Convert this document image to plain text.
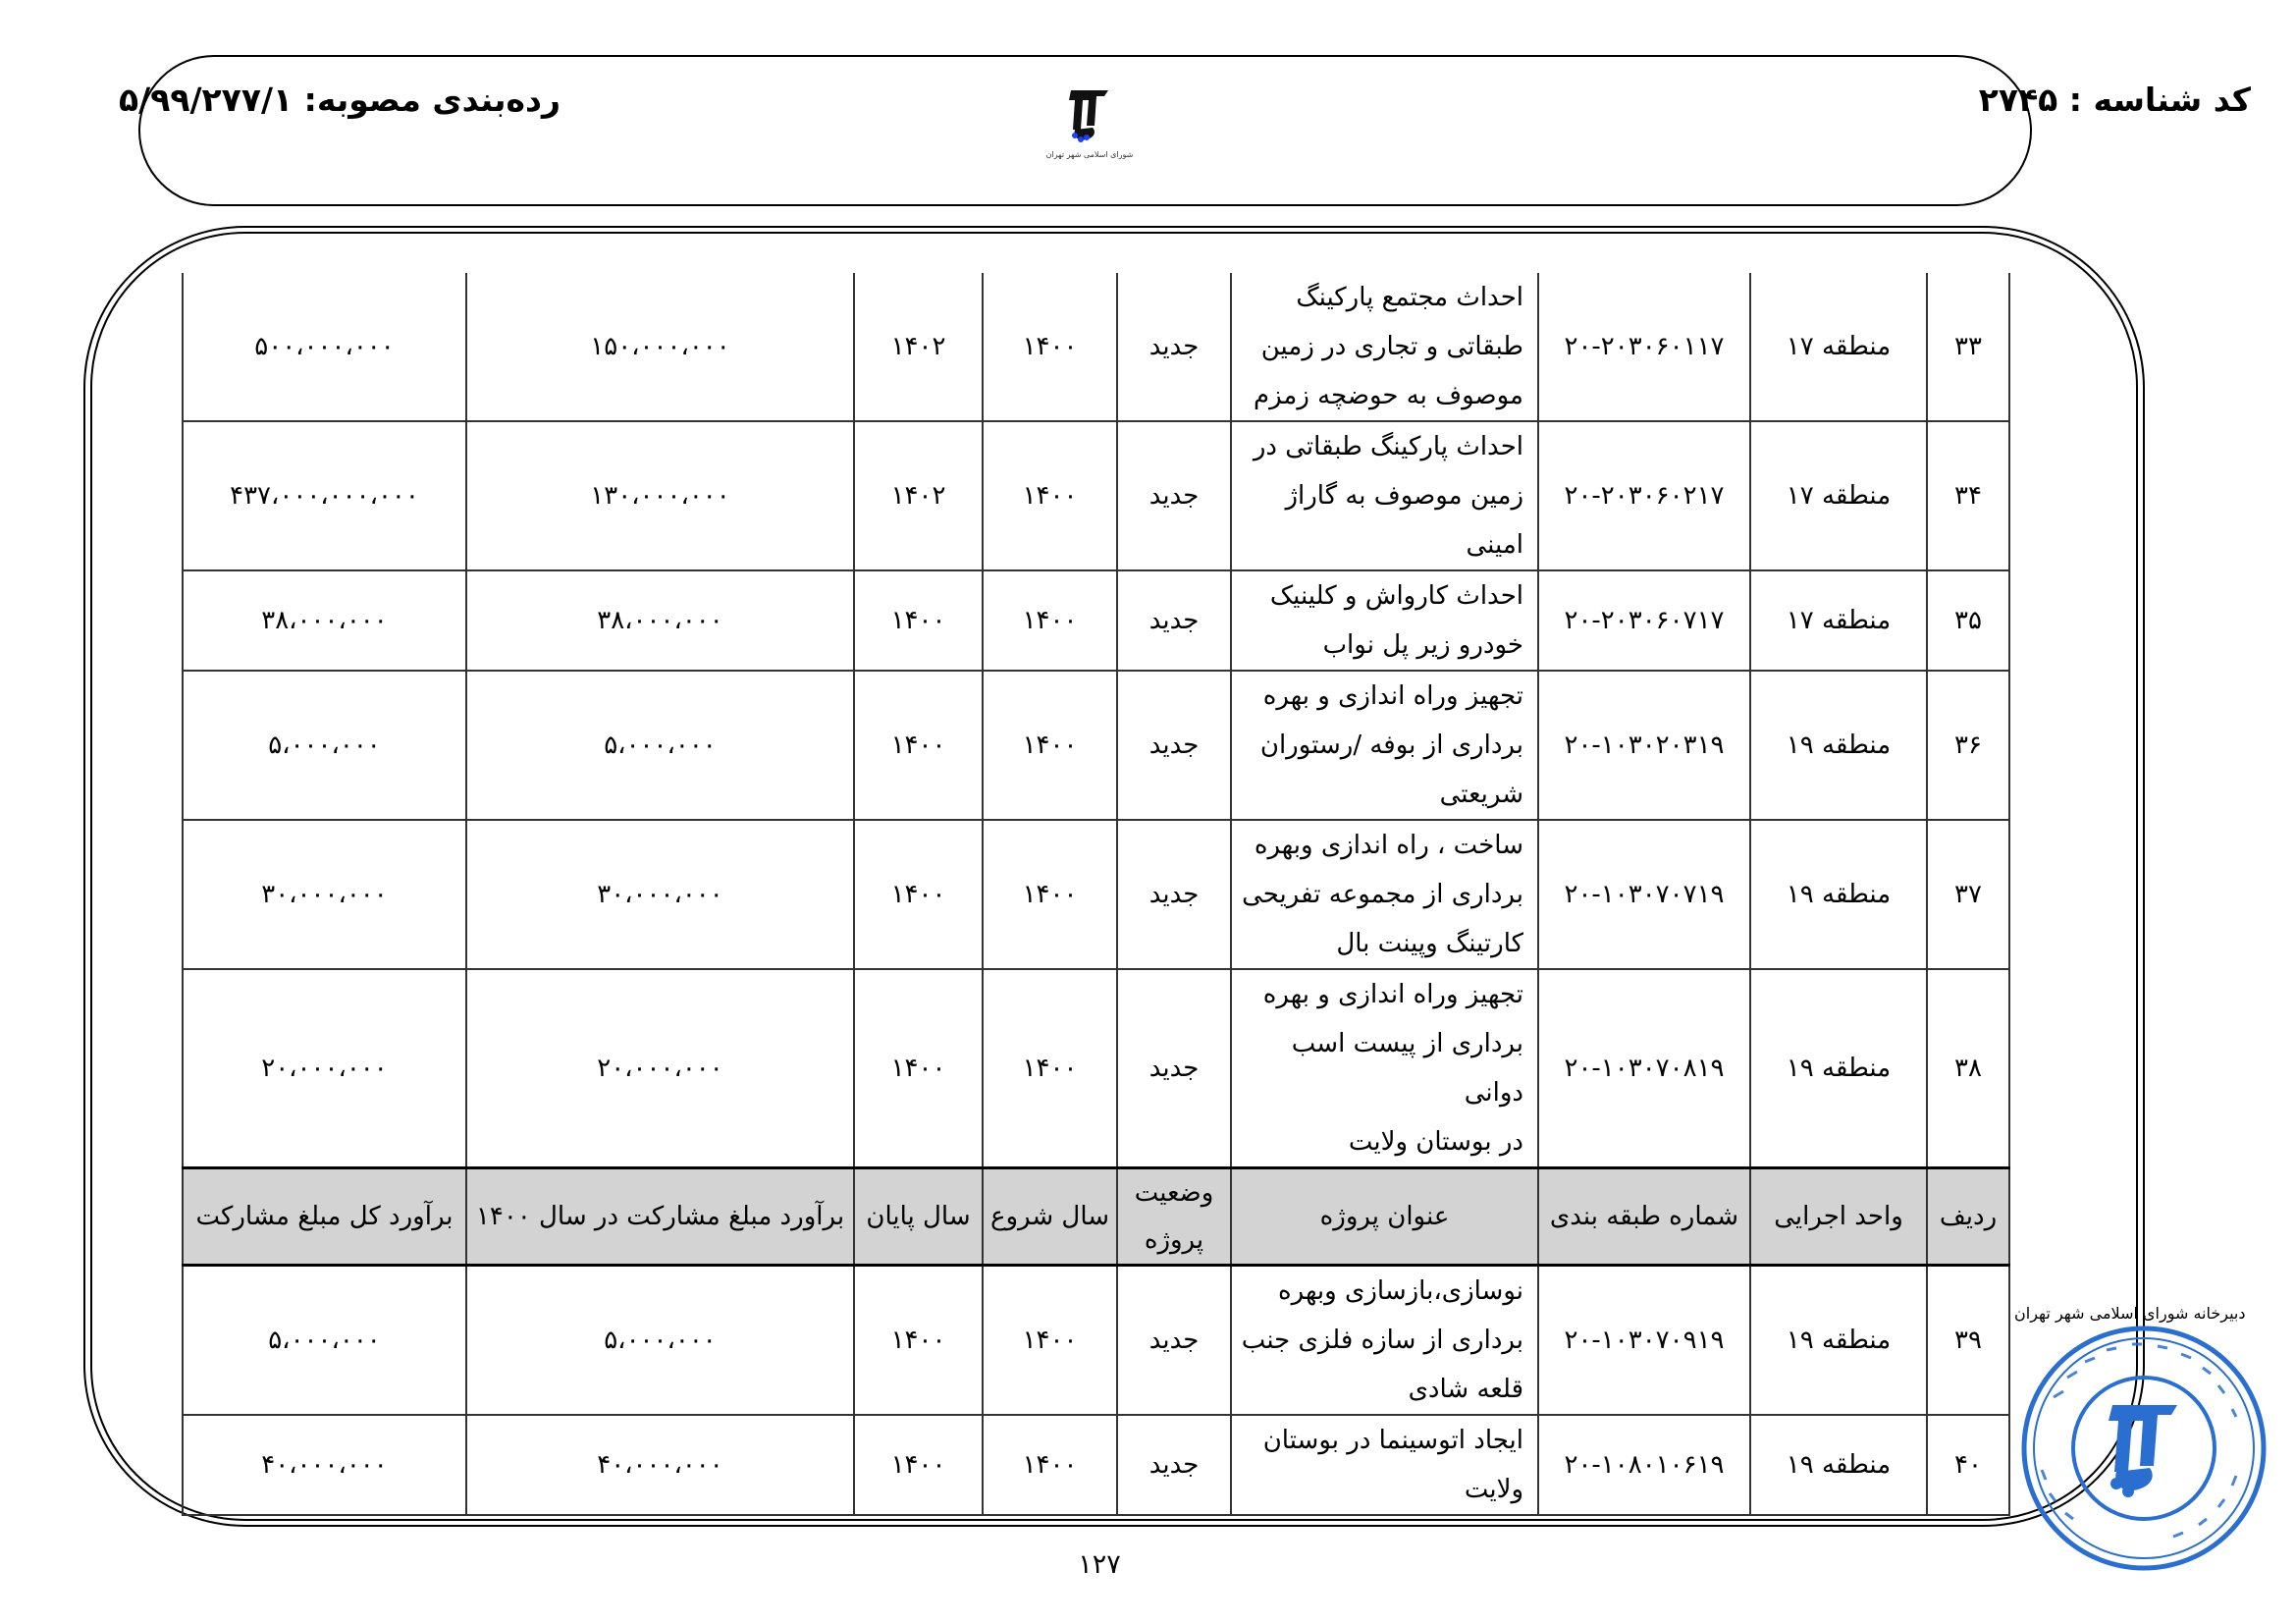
شورای اسلامی شهر تهران
کد شناسه : ۲۷۴۵
رده‌بندی مصوبه: ۵/۹۹/۲۷۷/۱
۳۳	منطقه ۱۷	۲۰-۲۰۳۰۶۰۱۱۷	احداث مجتمع پارکینگ
طبقاتی و تجاری در زمین
موصوف به حوضچه زمزم	جدید	۱۴۰۰	۱۴۰۲	۱۵۰،۰۰۰،۰۰۰	۵۰۰،۰۰۰،۰۰۰
۳۴	منطقه ۱۷	۲۰-۲۰۳۰۶۰۲۱۷	احداث پارکینگ طبقاتی در
زمین موصوف به گاراژ
امینی	جدید	۱۴۰۰	۱۴۰۲	۱۳۰،۰۰۰،۰۰۰	۴۳۷،۰۰۰،۰۰۰،۰۰۰
۳۵	منطقه ۱۷	۲۰-۲۰۳۰۶۰۷۱۷	احداث کارواش و کلینیک
خودرو زیر پل نواب	جدید	۱۴۰۰	۱۴۰۰	۳۸،۰۰۰،۰۰۰	۳۸،۰۰۰،۰۰۰
۳۶	منطقه ۱۹	۲۰-۱۰۳۰۲۰۳۱۹	تجهیز وراه اندازی و بهره
برداری از بوفه /رستوران
شریعتی	جدید	۱۴۰۰	۱۴۰۰	۵،۰۰۰،۰۰۰	۵،۰۰۰،۰۰۰
۳۷	منطقه ۱۹	۲۰-۱۰۳۰۷۰۷۱۹	ساخت ، راه اندازی وبهره
برداری از مجموعه تفریحی
کارتینگ وپینت بال	جدید	۱۴۰۰	۱۴۰۰	۳۰،۰۰۰،۰۰۰	۳۰،۰۰۰،۰۰۰
۳۸	منطقه ۱۹	۲۰-۱۰۳۰۷۰۸۱۹	تجهیز وراه اندازی و بهره
برداری از پیست اسب دوانی
در بوستان ولایت	جدید	۱۴۰۰	۱۴۰۰	۲۰،۰۰۰،۰۰۰	۲۰،۰۰۰،۰۰۰
ردیف	واحد اجرایی	شماره طبقه بندی	عنوان پروژه	وضعیت پروژه	سال شروع	سال پایان	برآورد مبلغ مشارکت در سال ۱۴۰۰	برآورد کل مبلغ مشارکت
۳۹	منطقه ۱۹	۲۰-۱۰۳۰۷۰۹۱۹	نوسازی،بازسازی وبهره
برداری از سازه فلزی جنب
قلعه شادی	جدید	۱۴۰۰	۱۴۰۰	۵،۰۰۰،۰۰۰	۵،۰۰۰،۰۰۰
۴۰	منطقه ۱۹	۲۰-۱۰۸۰۱۰۶۱۹	ایجاد اتوسینما در بوستان
ولایت	جدید	۱۴۰۰	۱۴۰۰	۴۰،۰۰۰،۰۰۰	۴۰،۰۰۰،۰۰۰
۱۲۷
دبیرخانه شورای اسلامی شهر تهران
